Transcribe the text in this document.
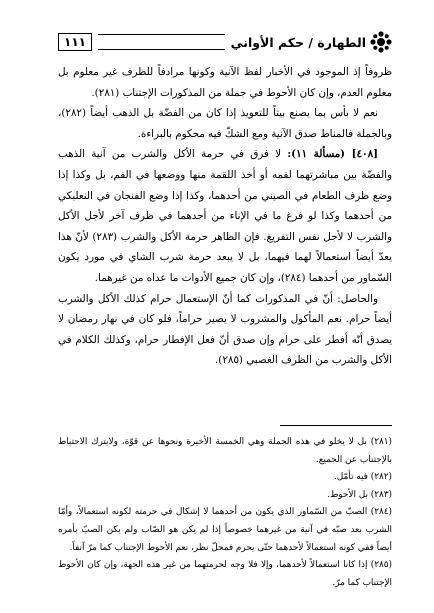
الطهارة / حكم الأواني
١١١

ظروفاً إذ الموجود في الأخبار لفظ الآنية وكونها مرادفاً للظرف غير معلوم بل معلوم العدم، وإن كان الأحوط في جملة من المذكورات الإجتناب (٢٨١).

نعم لا بأس بما يصنع بيتاً للتعويذ إذا كان من الفضّة بل الذهب أيضاً (٢٨٢)، وبالجملة فالمناط صدق الآنية ومع الشكّ فيه محكوم بالبراءة.

[٤٠٨] (مسألة ١١): لا فرق في حرمة الأكل والشرب من آنية الذهب والفضّة بين مباشرتهما لفمه أو أخذ اللقمة منها ووضعها في الفم، بل وكذا إذا وضع ظرف الطعام في الصيني من أحدهما، وكذا إذا وضع الفنجان في النعلبكي من أحدهما وكذا لو فرغ ما في الإناء من أحدهما في ظرف آخر لأجل الأكل والشرب لا لأجل نفس التفريغ. فإن الظاهر حرمة الأكل والشرب (٢٨٣) لأنّ هذا يعدّ أيضاً استعمالاً لهما فيهما، بل لا يبعد حرمة شرب الشاي في مورد يكون السّماور من أحدهما (٢٨٤)، وإن كان جميع الأدوات ما عداه من غيرهما.

والحاصل: أنّ في المذكورات كما أنّ الإستعمال حرام كذلك الأكل والشرب أيضاً حرام. نعم المأكول والمشروب لا يصير حراماً، فلو كان في نهار رمضان لا يصدق أنّه أفطر على حرام وإن صدق أنّ فعل الإفطار حرام، وكذلك الكلام في الأكل والشرب من الظرف الغصبي (٢٨٥).

(٢٨١) بل لا يخلو في هذه الجملة وهي الخمسة الأخيرة ونحوها عن قوّة، ولايترك الاحتياط بالإجتناب عن الجميع.

(٢٨٢) فيه تأمّل.

(٢٨٣) بل الأحوط.

(٢٨٤) الصبّ من السّماور الذي يكون من أحدهما لا إشكال في حرمته لكونه استعمالاً، وأمّا الشرب بعد صبّه في آنية من غيرهما خصوصاً إذا لم يكن هو الصّاب ولم يكن الصبّ بأمره أيضاً ففي كونه استعمالاً لأحدهما حتّى يحرم فمحلّ نظر، نعم الأحوط الإجتناب كما مرّ آنفاً.

(٢٨٥) إذا كانا استعمالاً لأحدهما، وإلا فلا وجه لحرمتهما من غير هذه الجهة، وإن كان الأحوط الإجتناب كما مرّ.
